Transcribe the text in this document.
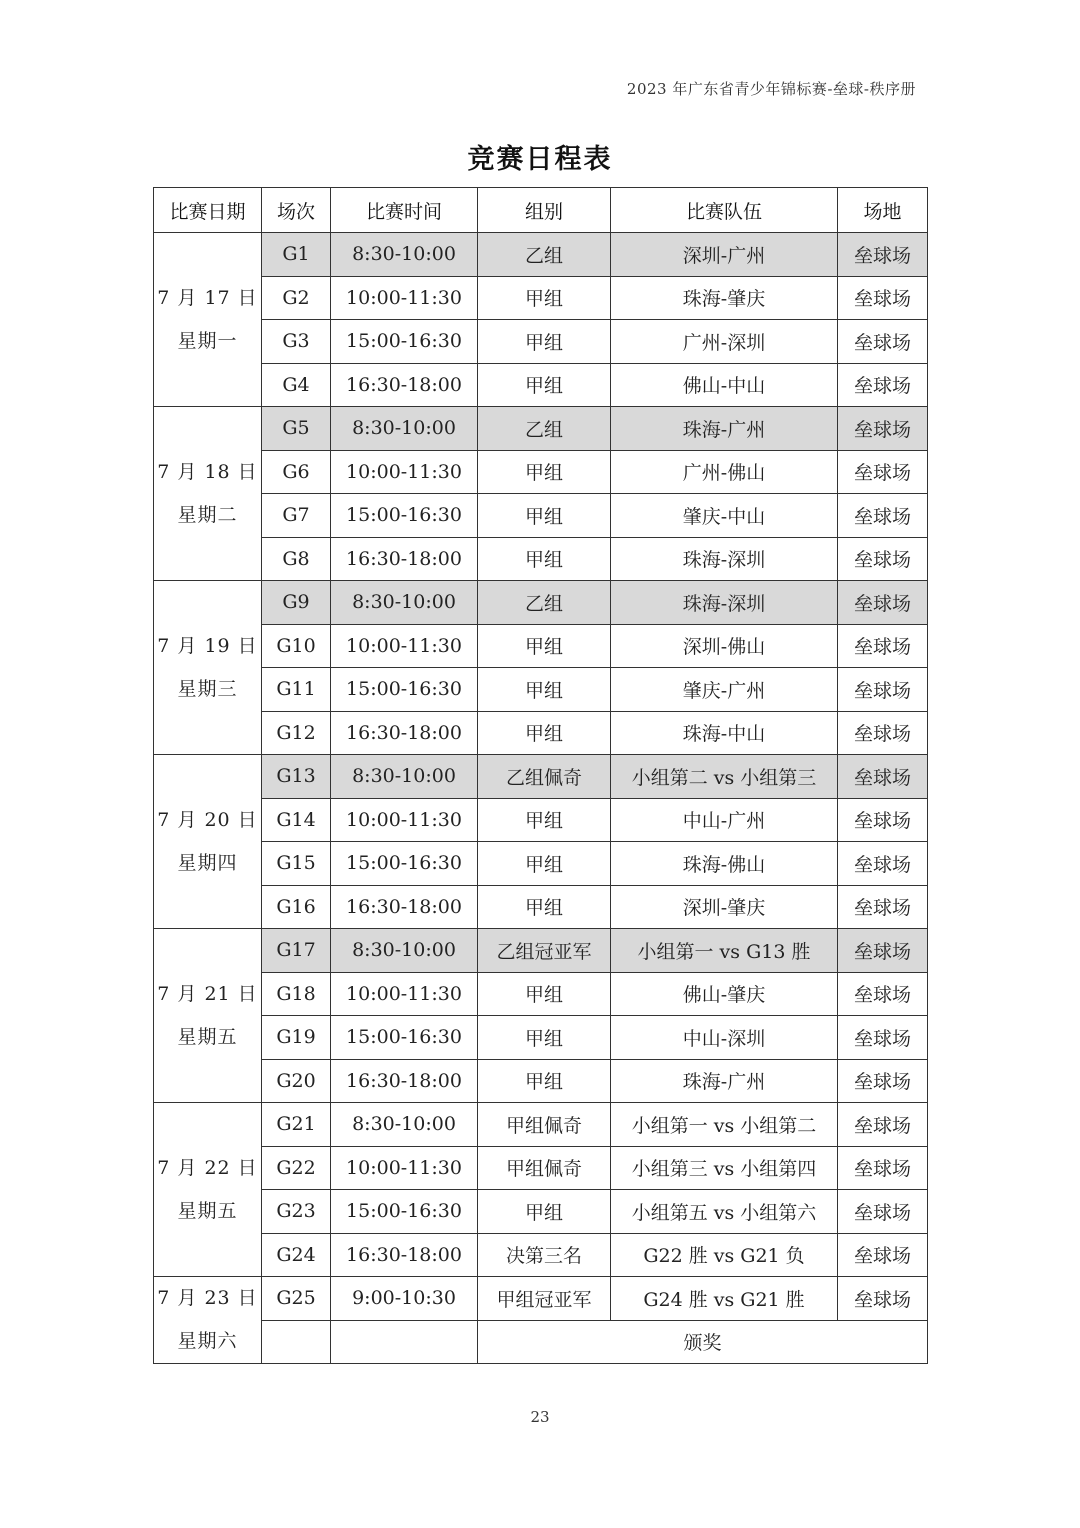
2023 年广东省青少年锦标赛-垒球-秩序册
竞赛日程表
比赛日期	场次	比赛时间	组别	比赛队伍	场地

7 月 17 日
星期一	G1	8:30-10:00	乙组	深圳-广州	垒球场
	G2	10:00-11:30	甲组	珠海-肇庆	垒球场
	G3	15:00-16:30	甲组	广州-深圳	垒球场
	G4	16:30-18:00	甲组	佛山-中山	垒球场

7 月 18 日
星期二	G5	8:30-10:00	乙组	珠海-广州	垒球场
	G6	10:00-11:30	甲组	广州-佛山	垒球场
	G7	15:00-16:30	甲组	肇庆-中山	垒球场
	G8	16:30-18:00	甲组	珠海-深圳	垒球场

7 月 19 日
星期三	G9	8:30-10:00	乙组	珠海-深圳	垒球场
	G10	10:00-11:30	甲组	深圳-佛山	垒球场
	G11	15:00-16:30	甲组	肇庆-广州	垒球场
	G12	16:30-18:00	甲组	珠海-中山	垒球场

7 月 20 日
星期四	G13	8:30-10:00	乙组佩奇	小组第二 vs 小组第三	垒球场
	G14	10:00-11:30	甲组	中山-广州	垒球场
	G15	15:00-16:30	甲组	珠海-佛山	垒球场
	G16	16:30-18:00	甲组	深圳-肇庆	垒球场

7 月 21 日
星期五	G17	8:30-10:00	乙组冠亚军	小组第一 vs G13 胜	垒球场
	G18	10:00-11:30	甲组	佛山-肇庆	垒球场
	G19	15:00-16:30	甲组	中山-深圳	垒球场
	G20	16:30-18:00	甲组	珠海-广州	垒球场

7 月 22 日
星期五	G21	8:30-10:00	甲组佩奇	小组第一 vs 小组第二	垒球场
	G22	10:00-11:30	甲组佩奇	小组第三 vs 小组第四	垒球场
	G23	15:00-16:30	甲组	小组第五 vs 小组第六	垒球场
	G24	16:30-18:00	决第三名	G22 胜 vs G21 负	垒球场

7 月 23 日
星期六	G25	9:00-10:30	甲组冠亚军	G24 胜 vs G21 胜	垒球场
			颁奖		
23
